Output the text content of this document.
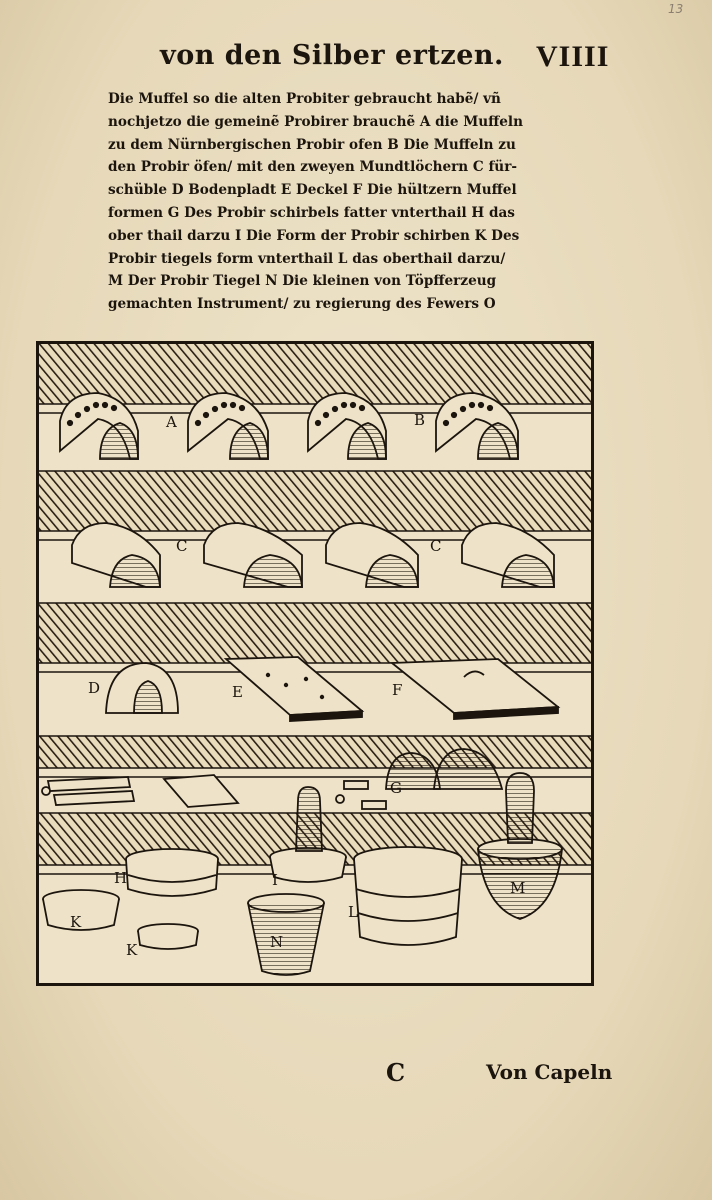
13
von den Silber ertzen. VIIII
Die Muffel so die alten Probiter gebraucht habẽ/ vñ
nochjetzo die gemeinẽ Probirer brauchẽ A die Muffeln
zu dem Nürnbergischen Probir ofen B Die Muffeln zu
den Probir öfen/ mit den zweyen Mundtlöchern C für-
schüble D Bodenpladt E Deckel F Die hültzern Muffel
formen G Des Probir schirbels fatter vnterthail H das
ober thail darzu I Die Form der Probir schirben K Des
Probir tiegels form vnterthail L das oberthail darzu/
M Der Probir Tiegel N Die kleinen von Töpfferzeug
gemachten Instrument/ zu regierung des Fewers O
A	B
C	C
D	E	F
G
H	I
K
K
L
M
N
C	Von Capeln
